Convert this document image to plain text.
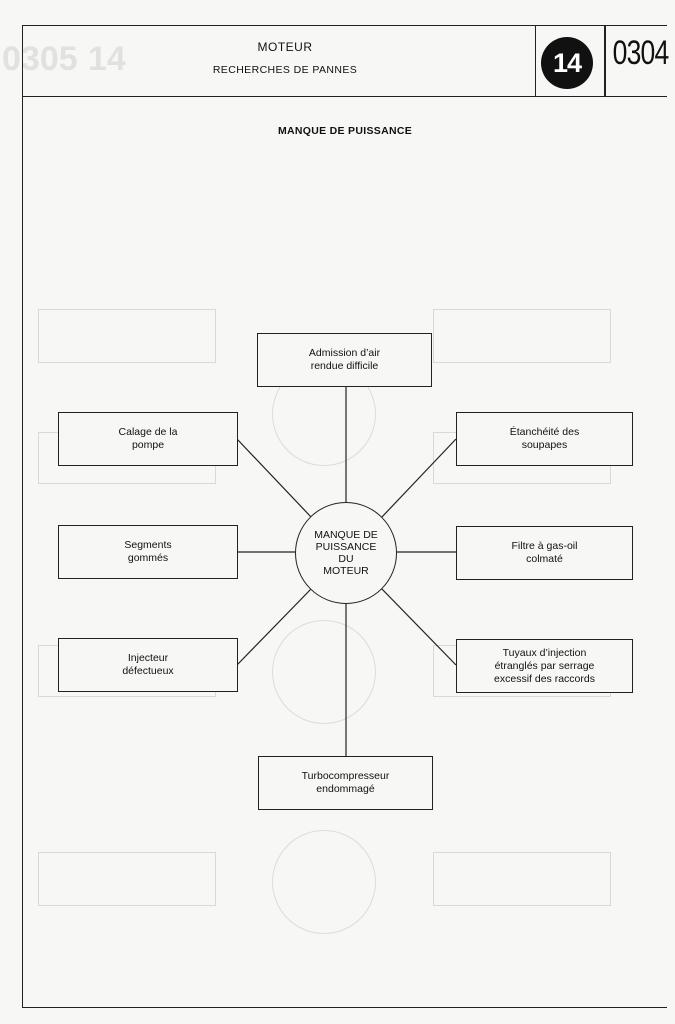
0305 14	MOTEUR
RECHERCHES DE PANNES	14 0304
MANQUE DE PUISSANCE
Admission d’air
rendue difficile
Calage de la
pompe
Étanchéité des
soupapes
Segments
gommés
Filtre à gas-oil
colmaté
Injecteur
défectueux
Tuyaux d’injection
étranglés par serrage
excessif des raccords
Turbocompresseur
endommagé
MANQUE DE
PUISSANCE
DU
MOTEUR
